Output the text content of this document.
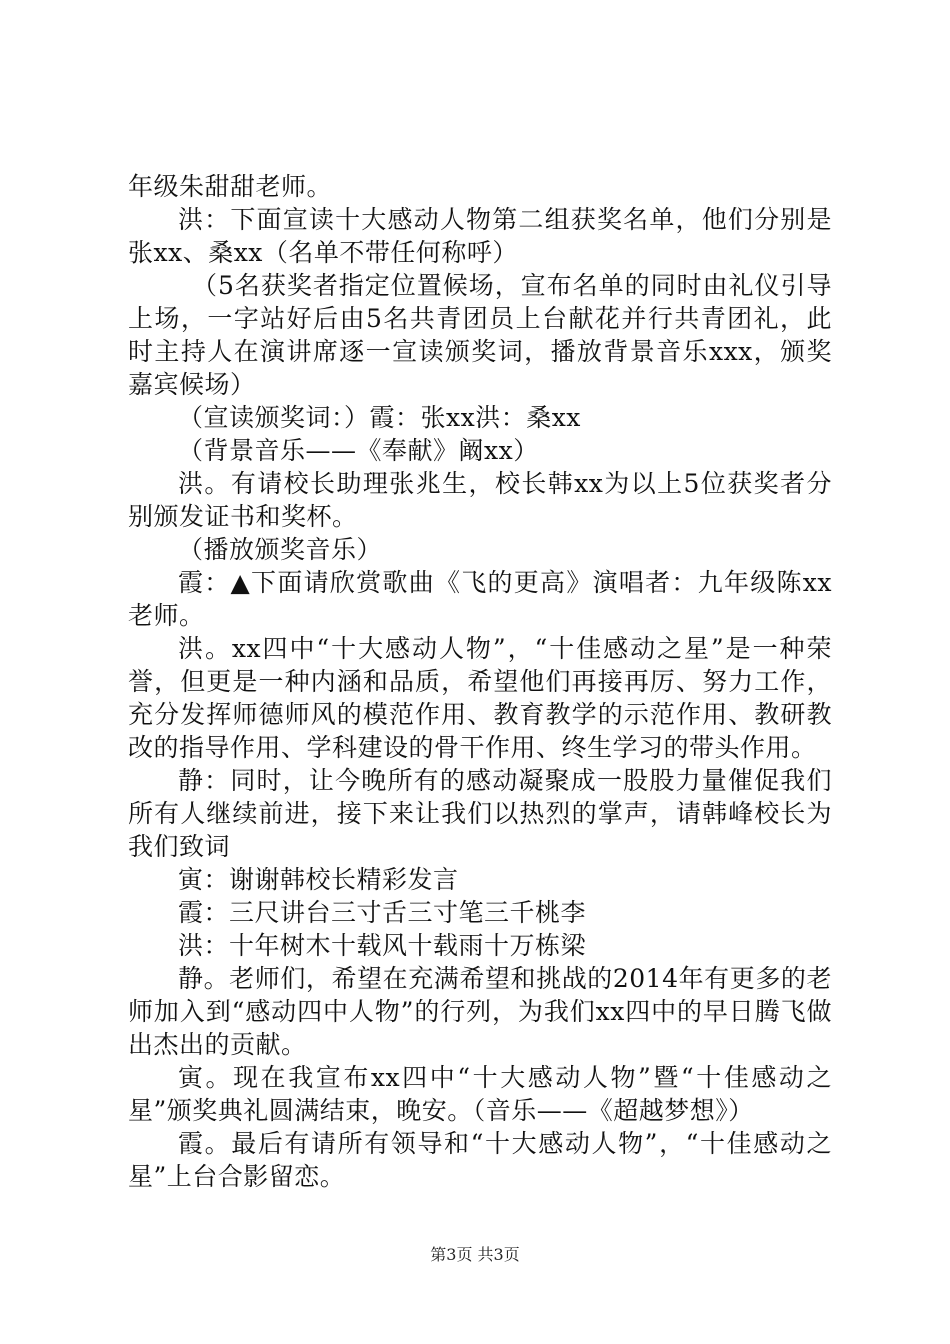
年级朱甜甜老师。

洪：下面宣读十大感动人物第二组获奖名单，他们分别是张xx、桑xx（名单不带任何称呼）

（5名获奖者指定位置候场，宣布名单的同时由礼仪引导上场，一字站好后由5名共青团员上台献花并行共青团礼，此时主持人在演讲席逐一宣读颁奖词，播放背景音乐xxx，颁奖嘉宾候场）

（宣读颁奖词：）霞：张xx洪：桑xx

（背景音乐——《奉献》阚xx）

洪。有请校长助理张兆生，校长韩xx为以上5位获奖者分别颁发证书和奖杯。

（播放颁奖音乐）

霞：▲下面请欣赏歌曲《飞的更高》演唱者：九年级陈xx老师。

洪。xx四中“十大感动人物”，“十佳感动之星”是一种荣誉，但更是一种内涵和品质，希望他们再接再厉、努力工作，充分发挥师德师风的模范作用、教育教学的示范作用、教研教改的指导作用、学科建设的骨干作用、终生学习的带头作用。

静：同时，让今晚所有的感动凝聚成一股股力量催促我们所有人继续前进，接下来让我们以热烈的掌声，请韩峰校长为我们致词

寅：谢谢韩校长精彩发言

霞：三尺讲台三寸舌三寸笔三千桃李

洪：十年树木十载风十载雨十万栋梁

静。老师们，希望在充满希望和挑战的2014年有更多的老师加入到“感动四中人物”的行列，为我们xx四中的早日腾飞做出杰出的贡献。

寅。现在我宣布xx四中“十大感动人物”暨“十佳感动之星”颁奖典礼圆满结束，晚安。（音乐——《超越梦想》）

霞。最后有请所有领导和“十大感动人物”，“十佳感动之星”上台合影留恋。

第3页 共3页
